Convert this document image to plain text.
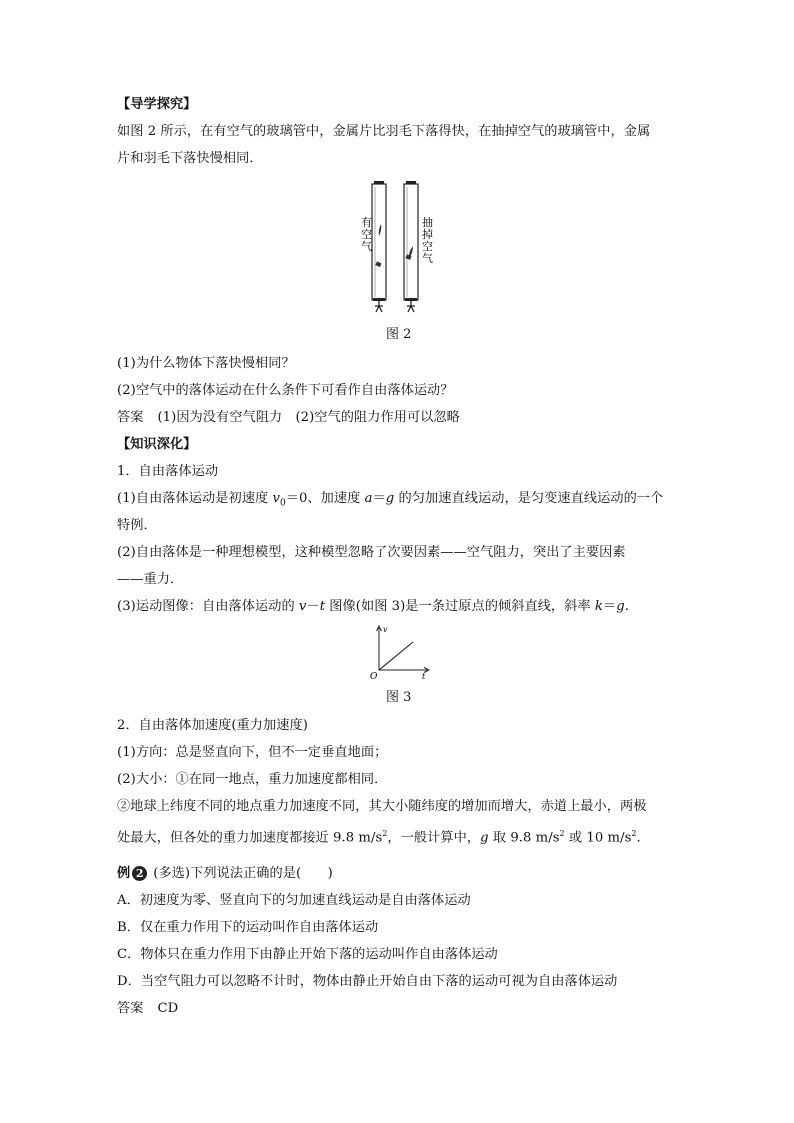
【导学探究】
如图 2 所示，在有空气的玻璃管中，金属片比羽毛下落得快，在抽掉空气的玻璃管中，金属
片和羽毛下落快慢相同．
有
空
气
抽
掉
空
气
图 2
(1)为什么物体下落快慢相同？
(2)空气中的落体运动在什么条件下可看作自由落体运动？
答案 (1)因为没有空气阻力　(2)空气的阻力作用可以忽略
【知识深化】
1．自由落体运动
(1)自由落体运动是初速度 $v_0=0$、加速度 a＝g 的匀加速直线运动，是匀变速直线运动的一个
特例．
(2)自由落体是一种理想模型，这种模型忽略了次要因素——空气阻力，突出了主要因素
——重力．
(3)运动图像：自由落体运动的 v－t 图像(如图 3)是一条过原点的倾斜直线，斜率 k＝g.
v
t
O
图 3
2．自由落体加速度(重力加速度)
(1)方向：总是竖直向下，但不一定垂直地面；
(2)大小：①在同一地点，重力加速度都相同．
②地球上纬度不同的地点重力加速度不同，其大小随纬度的增加而增大，赤道上最小，两极
处最大，但各处的重力加速度都接近 9.8 $m/s^2$，一般计算中，g 取 9.8 $m/s^2$ 或 10 $m/s^2$.
例 2 (多选)下列说法正确的是(　　)
A．初速度为零、竖直向下的匀加速直线运动是自由落体运动
B．仅在重力作用下的运动叫作自由落体运动
C．物体只在重力作用下由静止开始下落的运动叫作自由落体运动
D．当空气阻力可以忽略不计时，物体由静止开始自由下落的运动可视为自由落体运动
答案 CD
